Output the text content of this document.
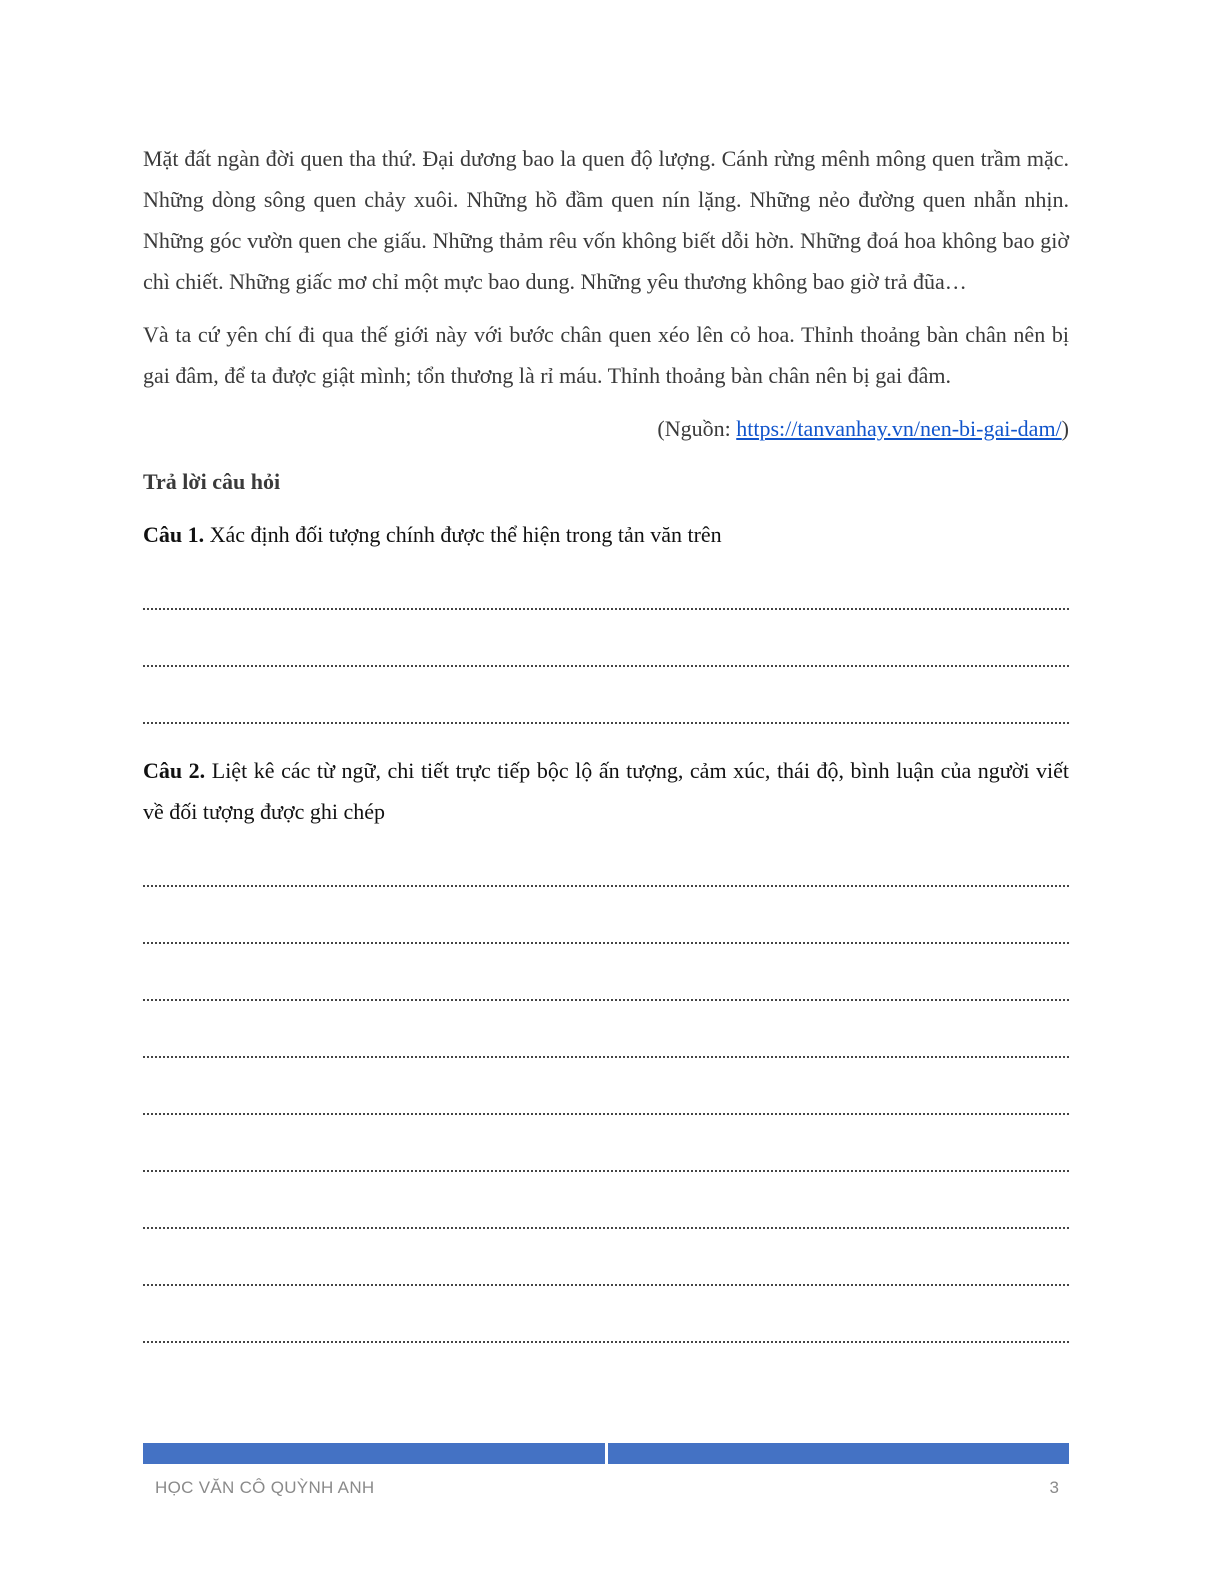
Mặt đất ngàn đời quen tha thứ. Đại dương bao la quen độ lượng. Cánh rừng mênh mông quen trầm mặc. Những dòng sông quen chảy xuôi. Những hồ đầm quen nín lặng. Những nẻo đường quen nhẫn nhịn. Những góc vườn quen che giấu. Những thảm rêu vốn không biết dỗi hờn. Những đoá hoa không bao giờ chì chiết. Những giấc mơ chỉ một mực bao dung. Những yêu thương không bao giờ trả đũa…

Và ta cứ yên chí đi qua thế giới này với bước chân quen xéo lên cỏ hoa. Thỉnh thoảng bàn chân nên bị gai đâm, để ta được giật mình; tổn thương là rỉ máu. Thỉnh thoảng bàn chân nên bị gai đâm.

(Nguồn: https://tanvanhay.vn/nen-bi-gai-dam/)

Trả lời câu hỏi

Câu 1. Xác định đối tượng chính được thể hiện trong tản văn trên

Câu 2. Liệt kê các từ ngữ, chi tiết trực tiếp bộc lộ ấn tượng, cảm xúc, thái độ, bình luận của người viết về đối tượng được ghi chép

HỌC VĂN CÔ QUỲNH ANH	3
